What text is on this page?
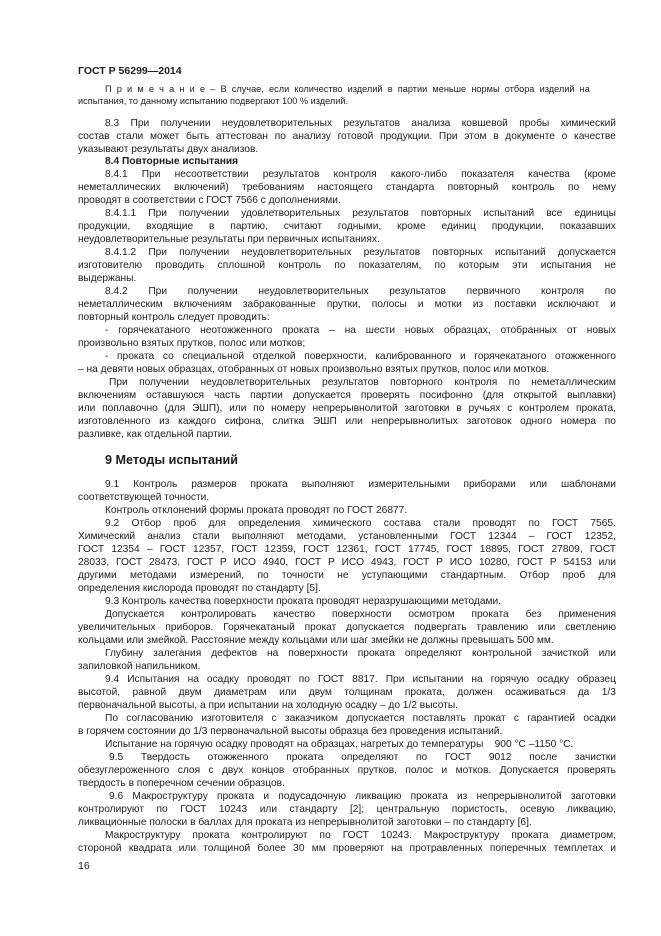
ГОСТ Р 56299—2014
П р и м е ч а н и е – В случае, если количество изделий в партии меньше нормы отбора изделий на
испытания, то данному испытанию подвергают 100 % изделий.
8.3 При получении неудовлетворительных результатов анализа ковшевой пробы химический
состав стали может быть аттестован по анализу готовой продукции. При этом в документе о качестве
указывают результаты двух анализов.
8.4 Повторные испытания
8.4.1 При несоответствии результатов контроля какого-либо показателя качества (кроме
неметаллических включений) требованиям настоящего стандарта повторный контроль по нему
проводят в соответствии с ГОСТ 7566 с дополнениями.
8.4.1.1 При получении удовлетворительных результатов повторных испытаний все единицы
продукции, входящие в партию, считают годными, кроме единиц продукции, показавших
неудовлетворительные результаты при первичных испытаниях.
8.4.1.2 При получении неудовлетворительных результатов повторных испытаний допускается
изготовителю проводить сплошной контроль по показателям, по которым эти испытания не
выдержаны.
8.4.2 При получении неудовлетворительных результатов первичного контроля по
неметаллическим включениям забракованные прутки, полосы и мотки из поставки исключают и
повторный контроль следует проводить:
- горячекатаного неотожженного проката – на шести новых образцах, отобранных от новых
произвольно взятых прутков, полос или мотков;
- проката со специальной отделкой поверхности, калиброванного и горячекатаного отожженного
– на девяти новых образцах, отобранных от новых произвольно взятых прутков, полос или мотков.
При получении неудовлетворительных результатов повторного контроля по неметаллическим
включениям оставшуюся часть партии допускается проверять посифонно (для открытой выплавки)
или поплавочно (для ЭШП), или по номеру непрерывнолитой заготовки в ручьях с контролем проката,
изготовленного из каждого сифона, слитка ЭШП или непрерывнолитых заготовок одного номера по
разливке, как отдельной партии.
9 Методы испытаний
9.1 Контроль размеров проката выполняют измерительными приборами или шаблонами
соответствующей точности.
Контроль отклонений формы проката проводят по ГОСТ 26877.
9.2 Отбор проб для определения химического состава стали проводят по ГОСТ 7565.
Химический анализ стали выполняют методами, установленными ГОСТ 12344 – ГОСТ 12352,
ГОСТ 12354 – ГОСТ 12357, ГОСТ 12359, ГОСТ 12361, ГОСТ 17745, ГОСТ 18895, ГОСТ 27809, ГОСТ
28033, ГОСТ 28473, ГОСТ Р ИСО 4940, ГОСТ Р ИСО 4943, ГОСТ Р ИСО 10280, ГОСТ Р 54153 или
другими методами измерений, по точности не уступающими стандартным. Отбор проб для
определения кислорода проводят по стандарту [5].
9.3 Контроль качества поверхности проката проводят неразрушающими методами.
Допускается контролировать качество поверхности осмотром проката без применения
увеличительных приборов. Горячекатаный прокат допускается подвергать травлению или светлению
кольцами или змейкой. Расстояние между кольцами или шаг змейки не должны превышать 500 мм.
Глубину залегания дефектов на поверхности проката определяют контрольной зачисткой или
запиловкой напильником.
9.4 Испытания на осадку проводят по ГОСТ 8817. При испытании на горячую осадку образец
высотой, равной двум диаметрам или двум толщинам проката, должен осаживаться да 1/3
первоначальной высоты, а при испытании на холодную осадку – до 1/2 высоты.
По согласованию изготовителя с заказчиком допускается поставлять прокат с гарантией осадки
в горячем состоянии до 1/3 первоначальной высоты образца без проведения испытаний.
Испытание на горячую осадку проводят на образцах, нагретых до температуры    900 °C –1150 °C.
9.5 Твердость отожженного проката определяют по ГОСТ 9012 после зачистки
обезуглероженного слоя с двух концов отобранных прутков, полос и мотков. Допускается проверять
твердость в поперечном сечении образцов.
9.6 Макроструктуру проката и подусадочную ликвацию проката из непрерывнолитой заготовки
контролируют по ГОСТ 10243 или стандарту [2]; центральную пористость, осевую ликвацию,
ликвационные полоски в баллах для проката из непрерывнолитой заготовки – по стандарту [6].
Макроструктуру проката контролируют по ГОСТ 10243. Макроструктуру проката диаметром,
стороной квадрата или толщиной более 30 мм проверяют на протравленных поперечных темплетах и
16
